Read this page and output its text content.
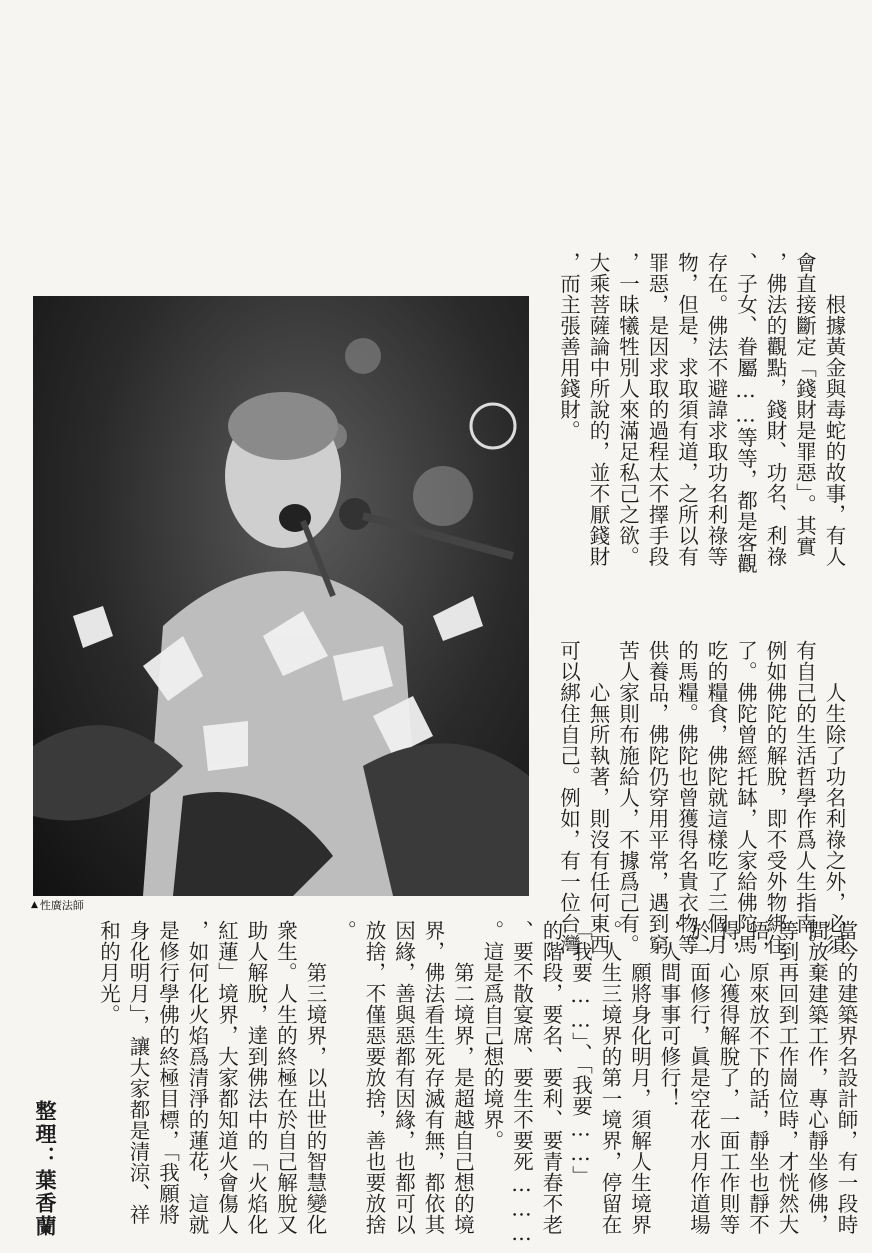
▲ 性廣法師
　　根據黃金與毒蛇的故事，有人
會直接斷定「錢財是罪惡」。其實
，佛法的觀點，錢財、功名、利祿
、子女、眷屬……等等，都是客觀
存在。佛法不避諱求取功名利祿等
物，但是，求取須有道，之所以有
罪惡，是因求取的過程太不擇手段
，一昧犧牲別人來滿足私己之欲。
大乘菩薩論中所說的，並不厭錢財
，而主張善用錢財。
　　人生除了功名利祿之外，必須
有自己的生活哲學作爲人生指南。
例如佛陀的解脫，即不受外物綁住
了。佛陀曾經托缽，人家給佛陀馬
吃的糧食，佛陀就這樣吃了三個月
的馬糧。佛陀也曾獲得名貴衣物等
供養品，佛陀仍穿用平常，遇到窮
苦人家則布施給人，不據爲己有。
　　心無所執著，則沒有任何東西
可以綁住自己。例如，有一位台灣
當今的建築界名設計師，有一段時
間放棄建築工作，專心靜坐修佛，
等到再回到工作崗位時，才恍然大
悟，原來放不下的話，靜坐也靜不
得，心獲得解脫了，一面工作則等
於一面修行，眞是空花水月作道場
，人間事事可修行！
　　願將身化明月，須解人生境界
。人生三境界的第一境界，停留在
「我要……」、「我要……」
的階段，要名、要利、要青春不老
、要不散宴席、要生不要死………
。這是爲自己想的境界。
　　第二境界，是超越自己想的境
界，佛法看生死存滅有無，都依其
因緣，善與惡都有因緣，也都可以
放捨，不僅惡要放捨，善也要放捨
。
　　第三境界，以出世的智慧變化
衆生。人生的終極在於自己解脫又
助人解脫，達到佛法中的「火焰化
紅蓮」境界，大家都知道火會傷人
，如何化火焰爲清淨的蓮花，這就
是修行學佛的終極目標，「我願將
身化明月」，讓大家都是清涼、祥
和的月光。
整理：葉香蘭
